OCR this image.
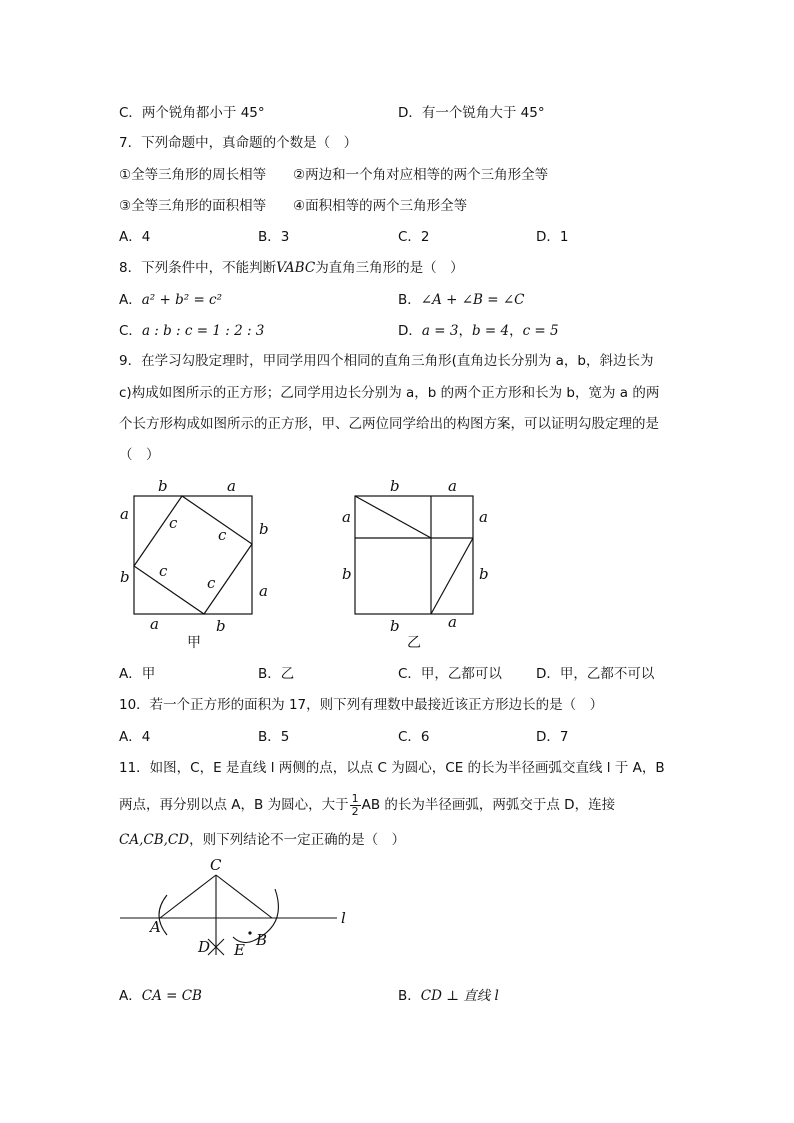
C．两个锐角都小于 45°	D．有一个锐角大于 45°
7．下列命题中，真命题的个数是（　）
①全等三角形的周长相等 ②两边和一个角对应相等的两个三角形全等
③全等三角形的面积相等 ④面积相等的两个三角形全等
A．4	B．3	C．2	D．1
8．下列条件中，不能判断VABC为直角三角形的是（　）
A．a² + b² = c²	B．∠A + ∠B = ∠C
C．a : b : c = 1 : 2 : 3	D．a = 3，b = 4，c = 5
9．在学习勾股定理时，甲同学用四个相同的直角三角形(直角边长分别为 a，b，斜边长为
c)构成如图所示的正方形；乙同学用边长分别为 a，b 的两个正方形和长为 b，宽为 a 的两
个长方形构成如图所示的正方形，甲、乙两位同学给出的构图方案，可以证明勾股定理的是
（　）
b	a
b
a
a	b
a
b
c
c
c
c
甲
b	a
a
b
b	a
a
b
乙
A．甲	B．乙	C．甲，乙都可以	D．甲，乙都不可以
10．若一个正方形的面积为 17，则下列有理数中最接近该正方形边长的是（　）
A．4	B．5	C．6	D．7
11．如图，C，E 是直线 l 两侧的点，以点 C 为圆心，CE 的长为半径画弧交直线 l 于 A，B
两点，再分别以点 A，B 为圆心，大于 $\frac{1}{2}$ AB 的长为半径画弧，两弧交于点 D，连接
CA,CB,CD，则下列结论不一定正确的是（　）
C
A
B
D E
l
A．CA = CB	B．CD ⊥ 直线 l
